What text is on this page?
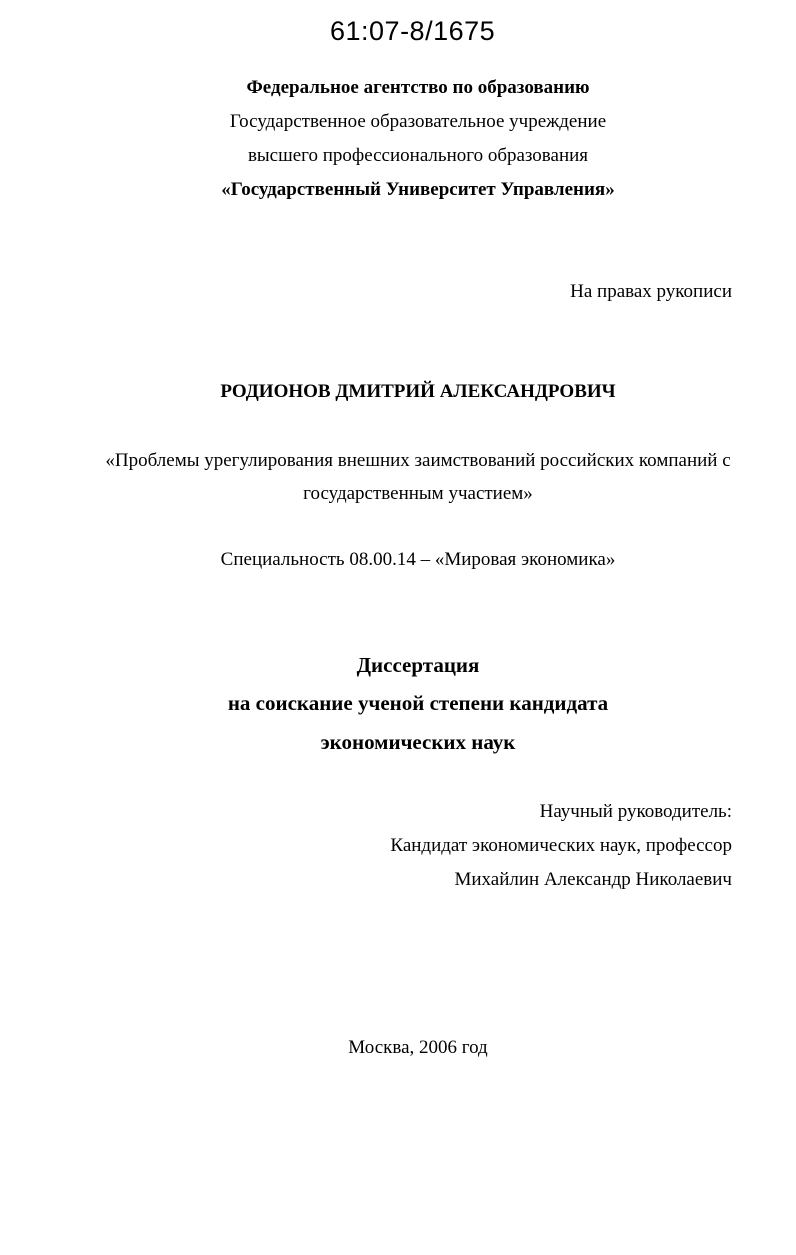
61:07-8/1675
Федеральное агентство по образованию
Государственное образовательное учреждение
высшего профессионального образования
«Государственный Университет Управления»
На правах рукописи
РОДИОНОВ ДМИТРИЙ АЛЕКСАНДРОВИЧ
«Проблемы урегулирования внешних заимствований российских компаний с
государственным участием»
Специальность 08.00.14 – «Мировая экономика»
Диссертация
на соискание ученой степени кандидата
экономических наук
Научный руководитель:
Кандидат экономических наук, профессор
Михайлин Александр Николаевич
Москва, 2006 год
